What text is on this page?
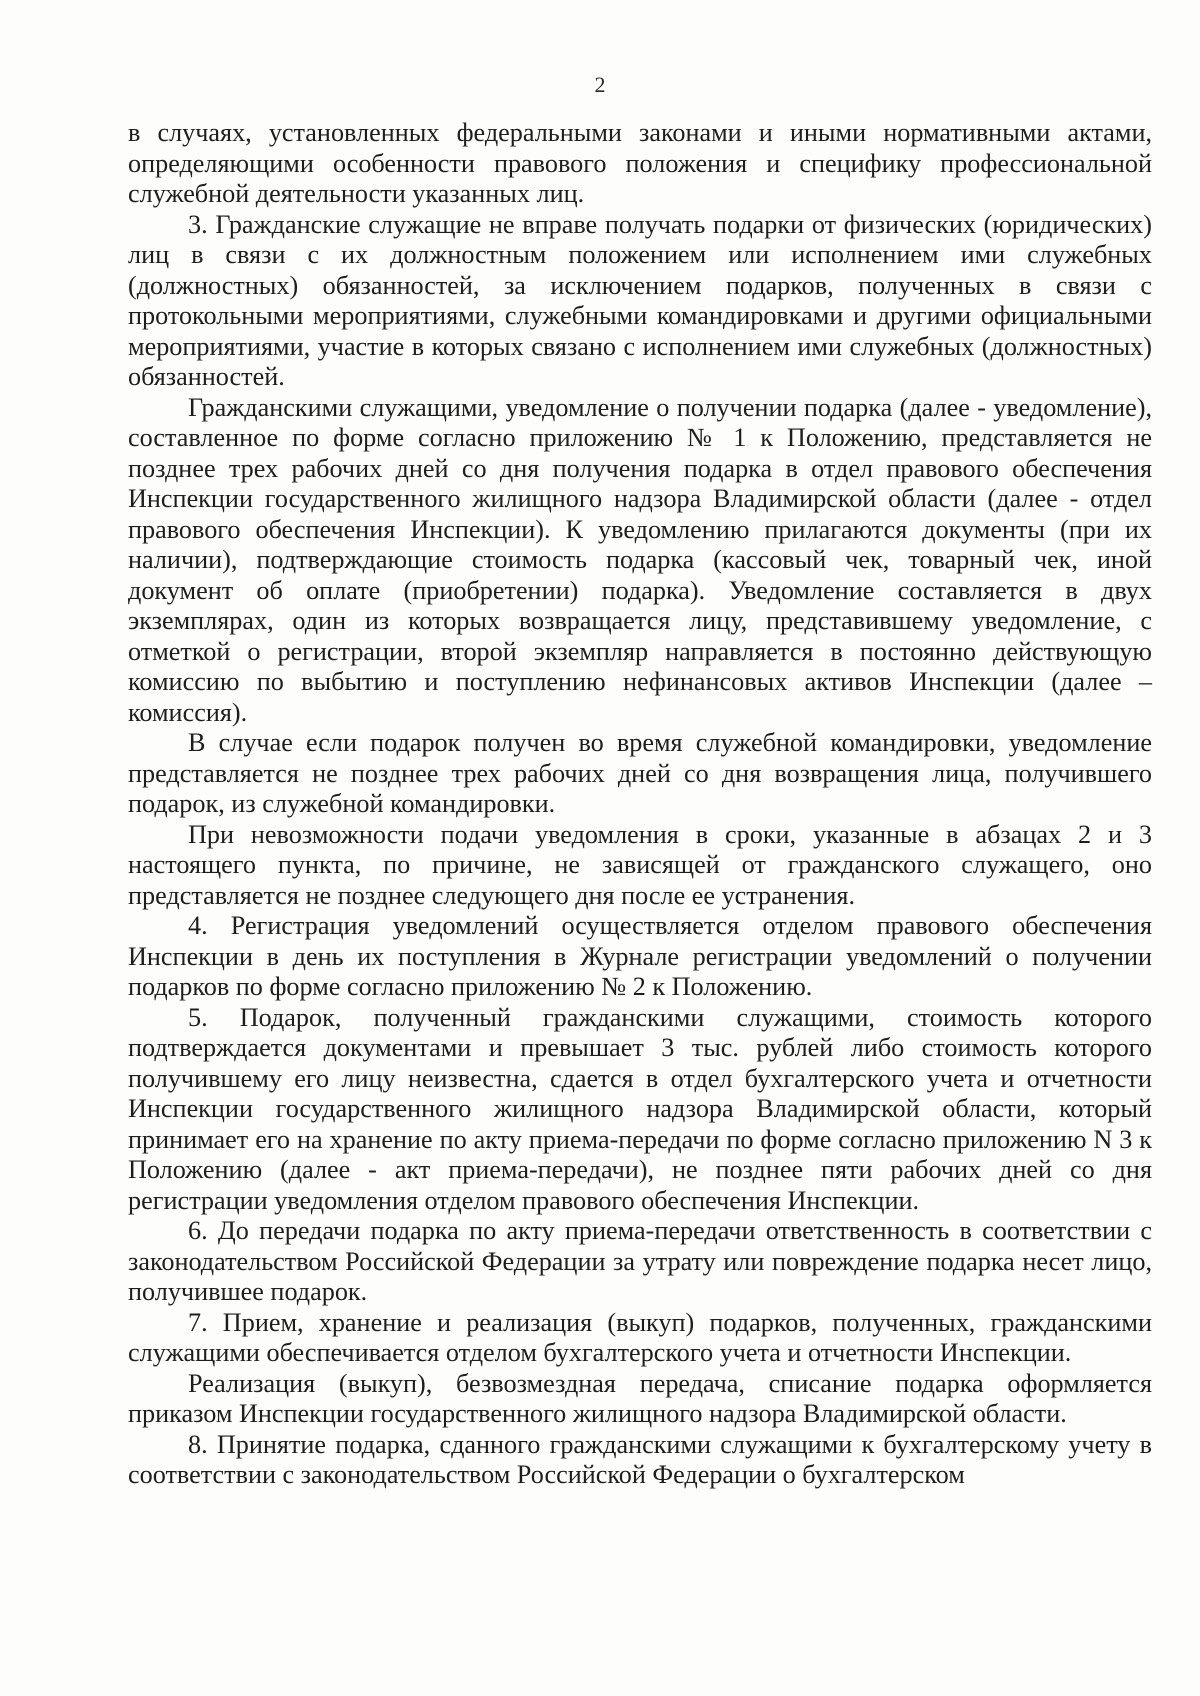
2

в случаях, установленных федеральными законами и иными нормативными актами, определяющими особенности правового положения и специфику профессиональной служебной деятельности указанных лиц.

3. Гражданские служащие не вправе получать подарки от физических (юридических) лиц в связи с их должностным положением или исполнением ими служебных (должностных) обязанностей, за исключением подарков, полученных в связи с протокольными мероприятиями, служебными командировками и другими официальными мероприятиями, участие в которых связано с исполнением ими служебных (должностных) обязанностей.

Гражданскими служащими, уведомление о получении подарка (далее - уведомление), составленное по форме согласно приложению № 1 к Положению, представляется не позднее трех рабочих дней со дня получения подарка в отдел правового обеспечения Инспекции государственного жилищного надзора Владимирской области (далее - отдел правового обеспечения Инспекции). К уведомлению прилагаются документы (при их наличии), подтверждающие стоимость подарка (кассовый чек, товарный чек, иной документ об оплате (приобретении) подарка). Уведомление составляется в двух экземплярах, один из которых возвращается лицу, представившему уведомление, с отметкой о регистрации, второй экземпляр направляется в постоянно действующую комиссию по выбытию и поступлению нефинансовых активов Инспекции (далее – комиссия).

В случае если подарок получен во время служебной командировки, уведомление представляется не позднее трех рабочих дней со дня возвращения лица, получившего подарок, из служебной командировки.

При невозможности подачи уведомления в сроки, указанные в абзацах 2 и 3 настоящего пункта, по причине, не зависящей от гражданского служащего, оно представляется не позднее следующего дня после ее устранения.

4. Регистрация уведомлений осуществляется отделом правового обеспечения Инспекции в день их поступления в Журнале регистрации уведомлений о получении подарков по форме согласно приложению № 2 к Положению.

5. Подарок, полученный гражданскими служащими, стоимость которого подтверждается документами и превышает 3 тыс. рублей либо стоимость которого получившему его лицу неизвестна, сдается в отдел бухгалтерского учета и отчетности Инспекции государственного жилищного надзора Владимирской области, который принимает его на хранение по акту приема-передачи по форме согласно приложению N 3 к Положению (далее - акт приема-передачи), не позднее пяти рабочих дней со дня регистрации уведомления отделом правового обеспечения Инспекции.

6. До передачи подарка по акту приема-передачи ответственность в соответствии с законодательством Российской Федерации за утрату или повреждение подарка несет лицо, получившее подарок.

7. Прием, хранение и реализация (выкуп) подарков, полученных, гражданскими служащими обеспечивается отделом бухгалтерского учета и отчетности Инспекции.

Реализация (выкуп), безвозмездная передача, списание подарка оформляется приказом Инспекции государственного жилищного надзора Владимирской области.

8. Принятие подарка, сданного гражданскими служащими к бухгалтерскому учету в соответствии с законодательством Российской Федерации о бухгалтерском
